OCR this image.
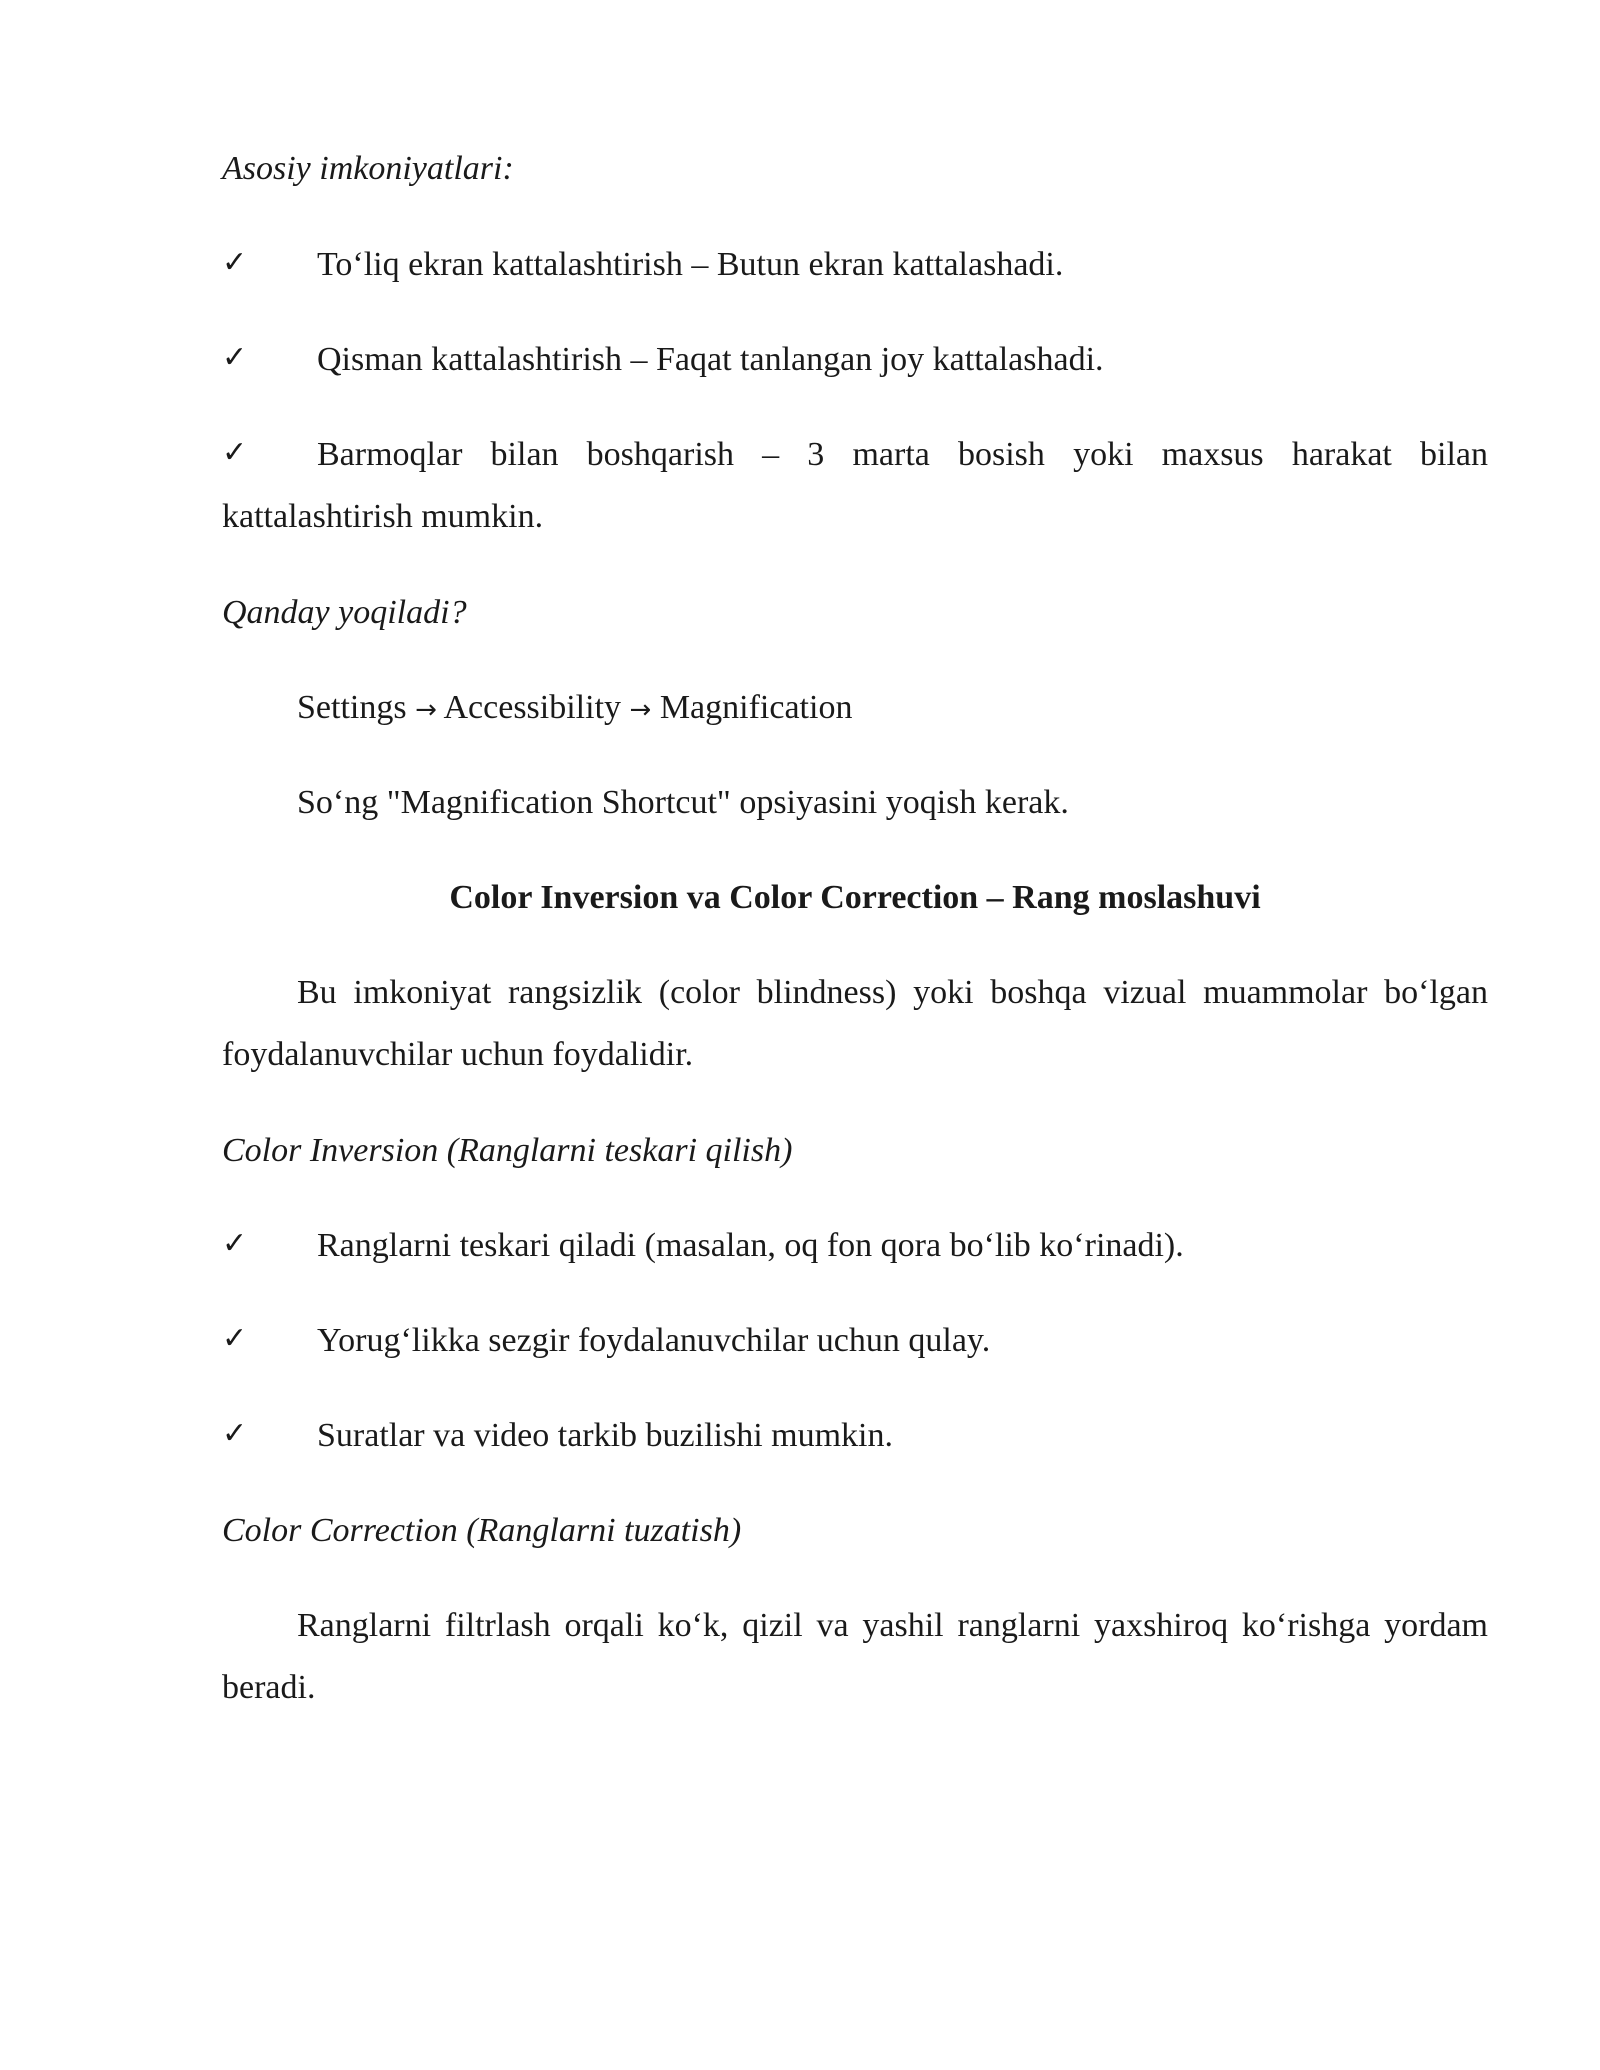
Asosiy imkoniyatlari:
✓ To‘liq ekran kattalashtirish – Butun ekran kattalashadi.
✓ Qisman kattalashtirish – Faqat tanlangan joy kattalashadi.
✓	Barmoqlar bilan boshqarish – 3 marta bosish yoki maxsus harakat bilan kattalashtirish mumkin.
Qanday yoqiladi?
Settings → Accessibility → Magnification
So‘ng "Magnification Shortcut" opsiyasini yoqish kerak.
Color Inversion va Color Correction – Rang moslashuvi
Bu imkoniyat rangsizlik (color blindness) yoki boshqa vizual muammolar bo‘lgan foydalanuvchilar uchun foydalidir.
Color Inversion (Ranglarni teskari qilish)
✓ Ranglarni teskari qiladi (masalan, oq fon qora bo‘lib ko‘rinadi).
✓ Yorug‘likka sezgir foydalanuvchilar uchun qulay.
✓ Suratlar va video tarkib buzilishi mumkin.
Color Correction (Ranglarni tuzatish)
Ranglarni filtrlash orqali ko‘k, qizil va yashil ranglarni yaxshiroq ko‘rishga yordam beradi.
